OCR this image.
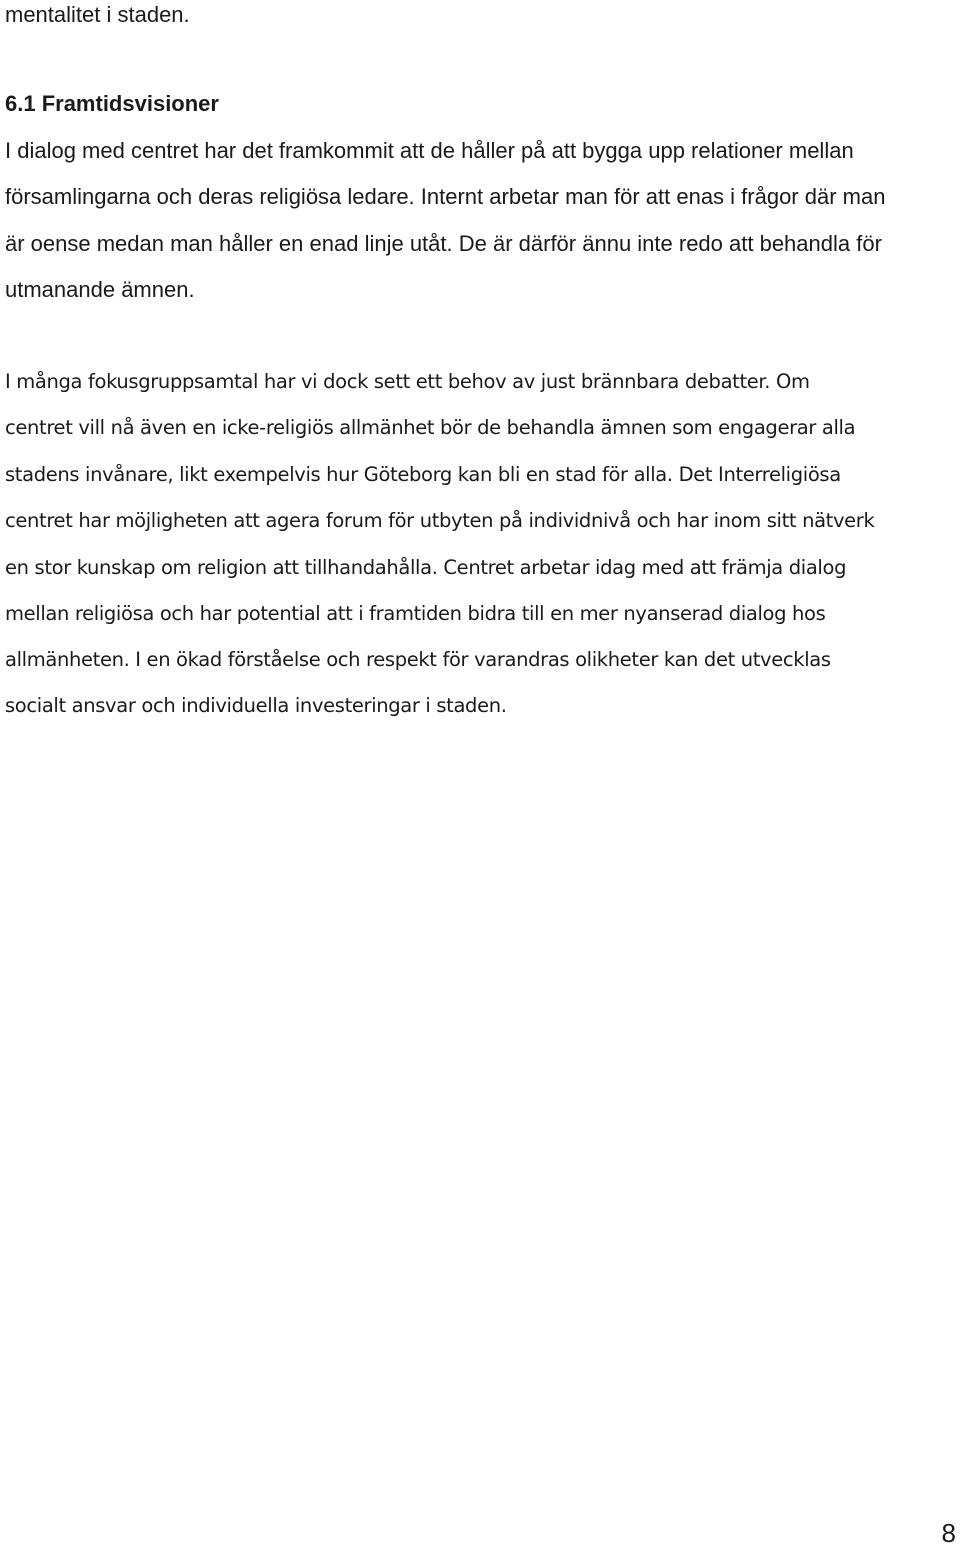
mentalitet i staden.
6.1 Framtidsvisioner
I dialog med centret har det framkommit att de håller på att bygga upp relationer mellan
församlingarna och deras religiösa ledare. Internt arbetar man för att enas i frågor där man
är oense medan man håller en enad linje utåt. De är därför ännu inte redo att behandla för
utmanande ämnen.
I många fokusgruppsamtal har vi dock sett ett behov av just brännbara debatter. Om
centret vill nå även en icke-religiös allmänhet bör de behandla ämnen som engagerar alla
stadens invånare, likt exempelvis hur Göteborg kan bli en stad för alla. Det Interreligiösa
centret har möjligheten att agera forum för utbyten på individnivå och har inom sitt nätverk
en stor kunskap om religion att tillhandahålla. Centret arbetar idag med att främja dialog
mellan religiösa och har potential att i framtiden bidra till en mer nyanserad dialog hos
allmänheten. I en ökad förståelse och respekt för varandras olikheter kan det utvecklas
socialt ansvar och individuella investeringar i staden.
8
